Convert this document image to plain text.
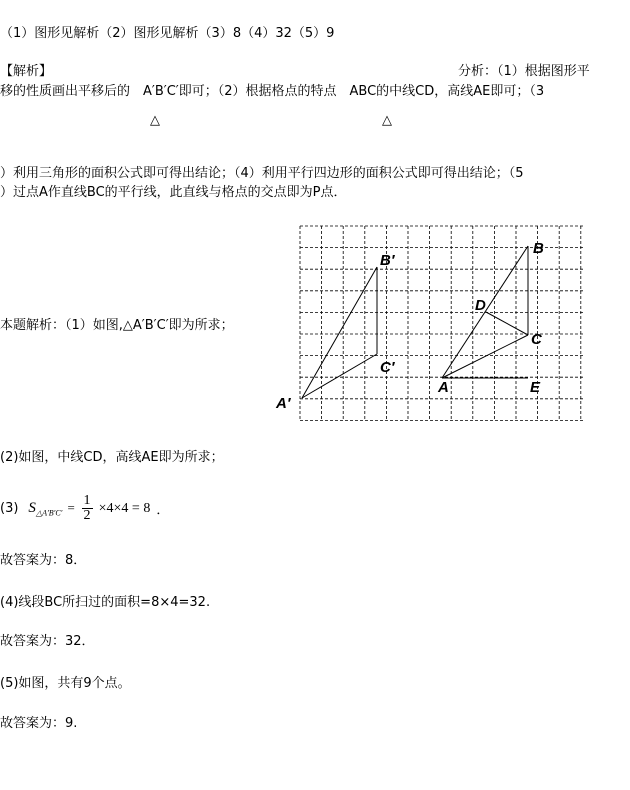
（1）图形见解析（2）图形见解析（3）8（4）32（5）9
【解析】	分析：（1）根据图形平
移的性质画出平移后的　A′B′C′即可；（2）根据格点的特点　ABC的中线CD，高线AE即可；（3
△	△
）利用三角形的面积公式即可得出结论；（4）利用平行四边形的面积公式即可得出结论；（5
）过点A作直线BC的平行线，此直线与格点的交点即为P点．
本题解析：（1）如图,△A′B′C′即为所求；
B′
C′
A′
B
D
C
A	E
(2)如图，中线CD，高线AE即为所求；
(3) $S_{\triangle A'B'C'} = \frac{1}{2} \times 4\times 4 = 8$ ．
故答案为：8．
(4)线段BC所扫过的面积=8×4=32.
故答案为：32．
(5)如图，共有9个点。
故答案为：9.
